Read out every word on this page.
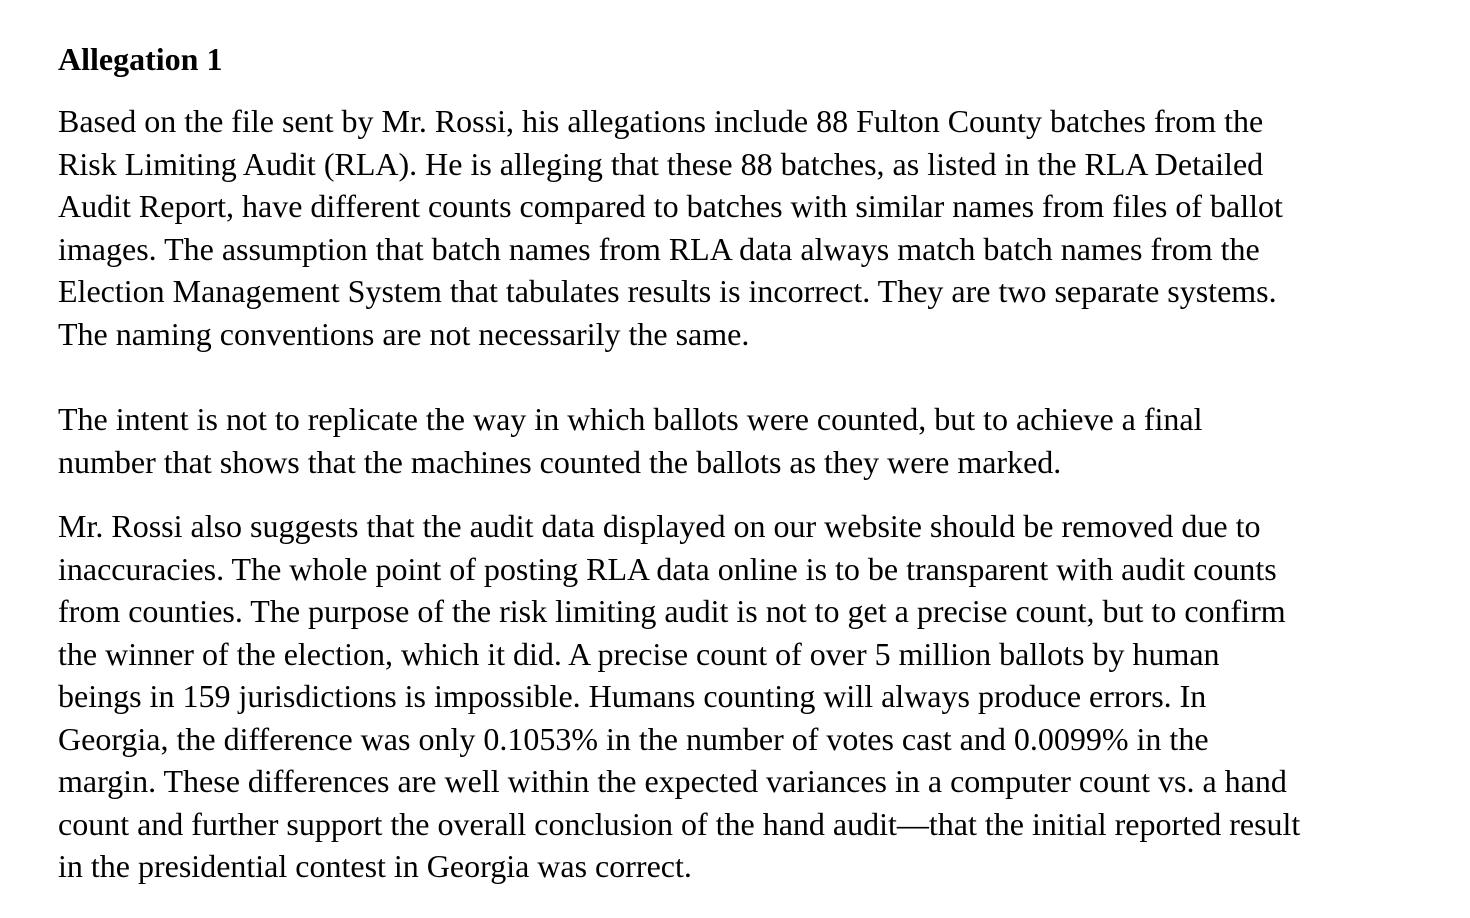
Allegation 1

Based on the file sent by Mr. Rossi, his allegations include 88 Fulton County batches from the
Risk Limiting Audit (RLA). He is alleging that these 88 batches, as listed in the RLA Detailed
Audit Report, have different counts compared to batches with similar names from files of ballot
images. The assumption that batch names from RLA data always match batch names from the
Election Management System that tabulates results is incorrect. They are two separate systems.
The naming conventions are not necessarily the same.

The intent is not to replicate the way in which ballots were counted, but to achieve a final
number that shows that the machines counted the ballots as they were marked.

Mr. Rossi also suggests that the audit data displayed on our website should be removed due to
inaccuracies. The whole point of posting RLA data online is to be transparent with audit counts
from counties. The purpose of the risk limiting audit is not to get a precise count, but to confirm
the winner of the election, which it did. A precise count of over 5 million ballots by human
beings in 159 jurisdictions is impossible. Humans counting will always produce errors. In
Georgia, the difference was only 0.1053% in the number of votes cast and 0.0099% in the
margin. These differences are well within the expected variances in a computer count vs. a hand
count and further support the overall conclusion of the hand audit—that the initial reported result
in the presidential contest in Georgia was correct.
